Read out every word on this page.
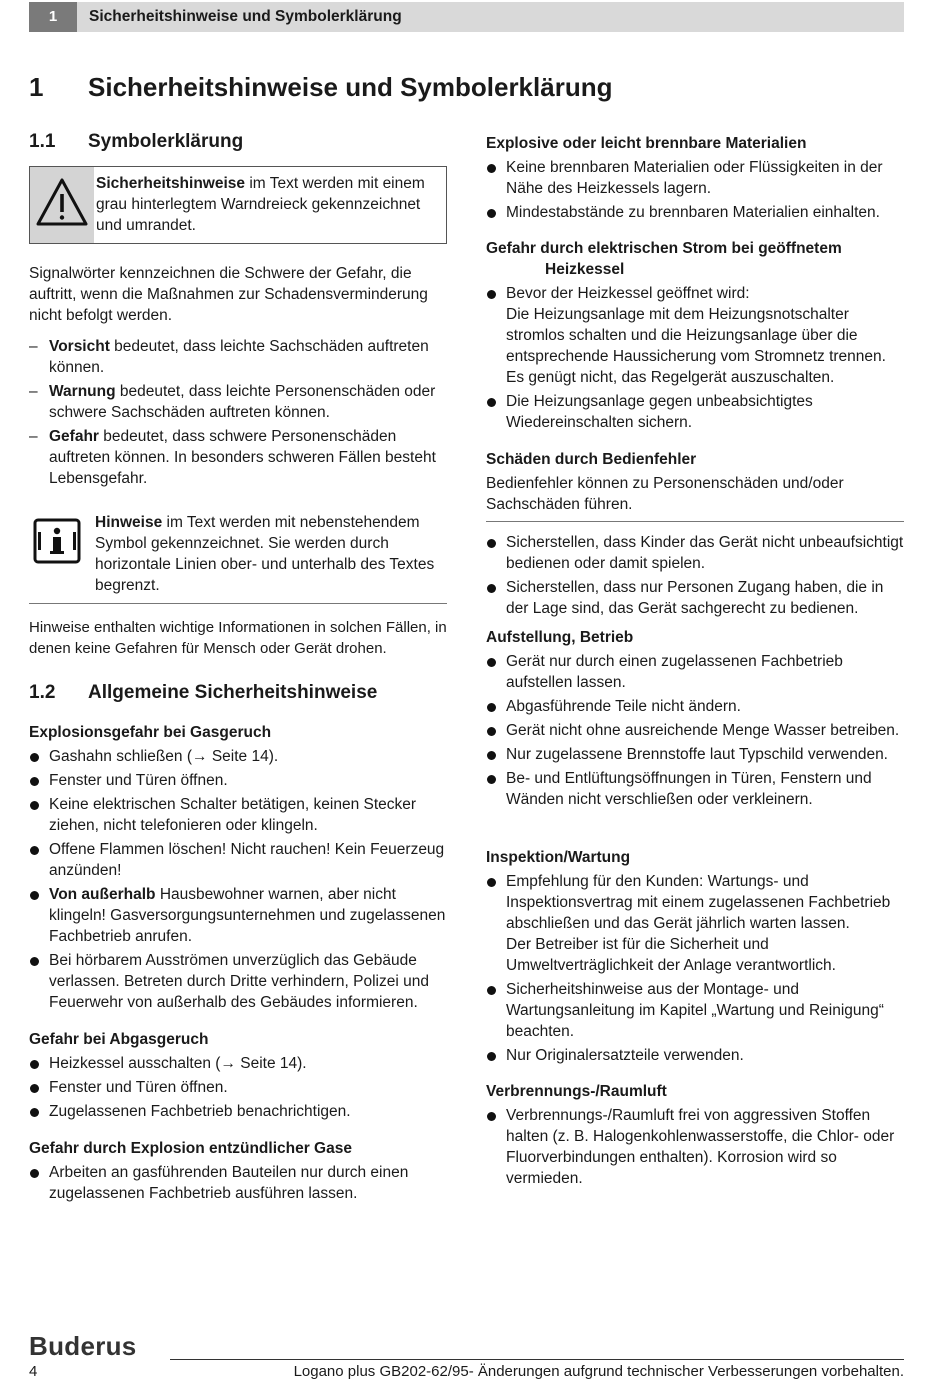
1	Sicherheitshinweise und Symbolerklärung
1 Sicherheitshinweise und Symbolerklärung
1.1 Symbolerklärung

Sicherheitshinweise im Text werden mit einem grau hinterlegtem Warndreieck gekennzeichnet und umrandet.

Signalwörter kennzeichnen die Schwere der Gefahr, die auftritt, wenn die Maßnahmen zur Schadensverminderung nicht befolgt werden.

– Vorsicht bedeutet, dass leichte Sachschäden auftreten können.
– Warnung bedeutet, dass leichte Personenschäden oder schwere Sachschäden auftreten können.
– Gefahr bedeutet, dass schwere Personenschäden auftreten können. In besonders schweren Fällen besteht Lebensgefahr.

Hinweise im Text werden mit nebenstehendem Symbol gekennzeichnet. Sie werden durch horizontale Linien ober- und unterhalb des Textes begrenzt.

Hinweise enthalten wichtige Informationen in solchen Fällen, in denen keine Gefahren für Mensch oder Gerät drohen.

1.2 Allgemeine Sicherheitshinweise

Explosionsgefahr bei Gasgeruch

Gashahn schließen (→ Seite 14).
Fenster und Türen öffnen.
Keine elektrischen Schalter betätigen, keinen Stecker ziehen, nicht telefonieren oder klingeln.
Offene Flammen löschen! Nicht rauchen! Kein Feuerzeug anzünden!
Von außerhalb Hausbewohner warnen, aber nicht klingeln! Gasversorgungsunternehmen und zugelassenen Fachbetrieb anrufen.
Bei hörbarem Ausströmen unverzüglich das Gebäude verlassen. Betreten durch Dritte verhindern, Polizei und Feuerwehr von außerhalb des Gebäudes informieren.

Gefahr bei Abgasgeruch

Heizkessel ausschalten (→ Seite 14).
Fenster und Türen öffnen.
Zugelassenen Fachbetrieb benachrichtigen.

Gefahr durch Explosion entzündlicher Gase

Arbeiten an gasführenden Bauteilen nur durch einen zugelassenen Fachbetrieb ausführen lassen.

Explosive oder leicht brennbare Materialien

Keine brennbaren Materialien oder Flüssigkeiten in der Nähe des Heizkessels lagern.
Mindestabstände zu brennbaren Materialien einhalten.

Gefahr durch elektrischen Strom bei geöffnetem
Heizkessel

Bevor der Heizkessel geöffnet wird:
Die Heizungsanlage mit dem Heizungsnotschalter stromlos schalten und die Heizungsanlage über die entsprechende Haussicherung vom Stromnetz trennen. Es genügt nicht, das Regelgerät auszuschalten.
Die Heizungsanlage gegen unbeabsichtigtes Wiedereinschalten sichern.

Schäden durch Bedienfehler

Bedienfehler können zu Personenschäden und/oder Sachschäden führen.

Sicherstellen, dass Kinder das Gerät nicht unbeaufsichtigt bedienen oder damit spielen.
Sicherstellen, dass nur Personen Zugang haben, die in der Lage sind, das Gerät sachgerecht zu bedienen.

Aufstellung, Betrieb

Gerät nur durch einen zugelassenen Fachbetrieb aufstellen lassen.
Abgasführende Teile nicht ändern.
Gerät nicht ohne ausreichende Menge Wasser betreiben.
Nur zugelassene Brennstoffe laut Typschild verwenden.
Be- und Entlüftungsöffnungen in Türen, Fenstern und Wänden nicht verschließen oder verkleinern.

Inspektion/Wartung

Empfehlung für den Kunden: Wartungs- und Inspektionsvertrag mit einem zugelassenen Fachbetrieb abschließen und das Gerät jährlich warten lassen.
Der Betreiber ist für die Sicherheit und Umweltverträglichkeit der Anlage verantwortlich.
Sicherheitshinweise aus der Montage- und Wartungsanleitung im Kapitel „Wartung und Reinigung“ beachten.
Nur Originalersatzteile verwenden.

Verbrennungs-/Raumluft

Verbrennungs-/Raumluft frei von aggressiven Stoffen halten (z. B. Halogenkohlenwasserstoffe, die Chlor- oder Fluorverbindungen enthalten). Korrosion wird so vermieden.
Buderus
4	Logano plus GB202-62/95- Änderungen aufgrund technischer Verbesserungen vorbehalten.
